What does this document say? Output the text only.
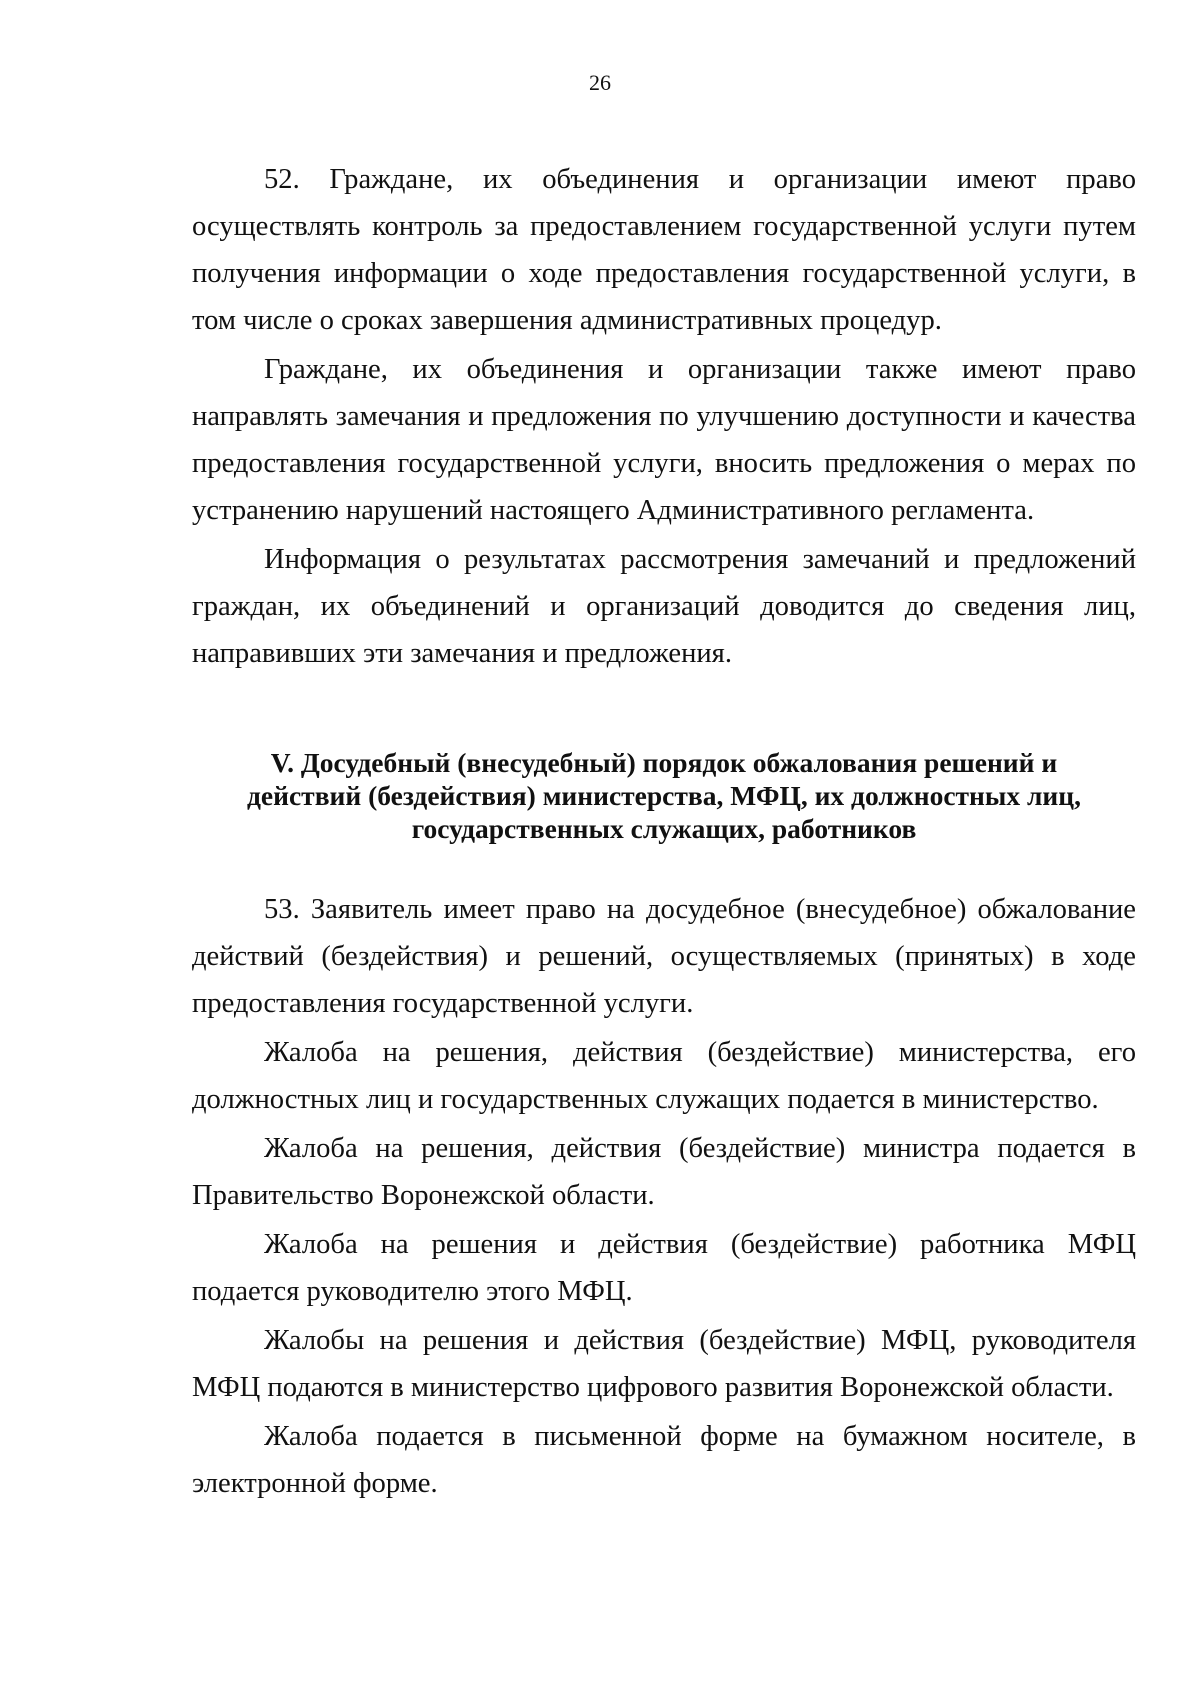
26

52. Граждане, их объединения и организации имеют право осуществлять контроль за предоставлением государственной услуги путем получения информации о ходе предоставления государственной услуги, в том числе о сроках завершения административных процедур.

Граждане, их объединения и организации также имеют право направлять замечания и предложения по улучшению доступности и качества предоставления государственной услуги, вносить предложения о мерах по устранению нарушений настоящего Административного регламента.

Информация о результатах рассмотрения замечаний и предложений граждан, их объединений и организаций доводится до сведения лиц, направивших эти замечания и предложения.

V. Досудебный (внесудебный) порядок обжалования решений и
действий (бездействия) министерства, МФЦ, их должностных лиц,
государственных служащих, работников

53. Заявитель имеет право на досудебное (внесудебное) обжалование действий (бездействия) и решений, осуществляемых (принятых) в ходе предоставления государственной услуги.

Жалоба на решения, действия (бездействие) министерства, его должностных лиц и государственных служащих подается в министерство.

Жалоба на решения, действия (бездействие) министра подается в Правительство Воронежской области.

Жалоба на решения и действия (бездействие) работника МФЦ подается руководителю этого МФЦ.

Жалобы на решения и действия (бездействие) МФЦ, руководителя МФЦ подаются в министерство цифрового развития Воронежской области.

Жалоба подается в письменной форме на бумажном носителе, в электронной форме.
